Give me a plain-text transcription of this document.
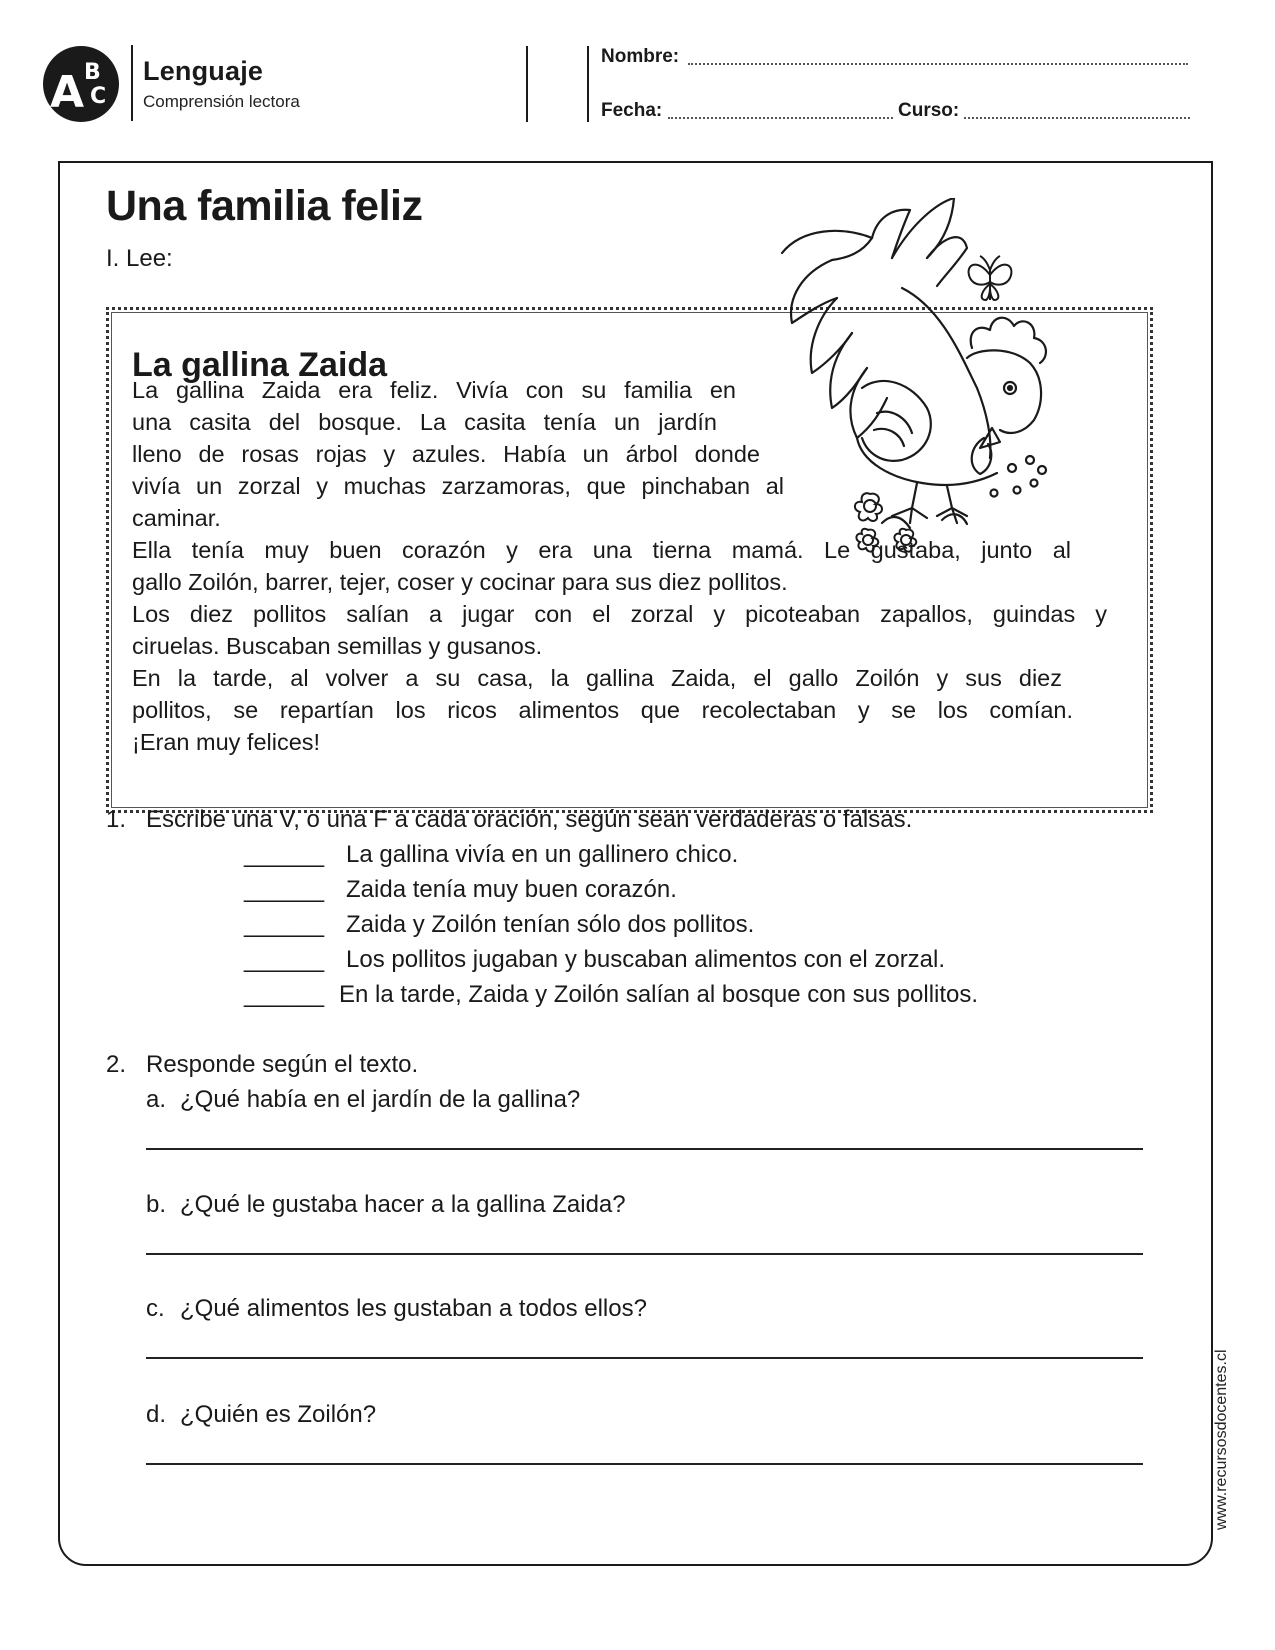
A B
C
Lenguaje
Comprensión lectora
Nombre:
Fecha:	Curso:
Una familia feliz
I. Lee:
La gallina Zaida
La gallina Zaida era feliz. Vivía con su familia en
una casita del bosque. La casita tenía un jardín
lleno de rosas rojas y azules. Había un árbol donde
vivía un zorzal y muchas zarzamoras, que pinchaban al
caminar.
Ella tenía muy buen corazón y era una tierna mamá. Le gustaba, junto al
gallo Zoilón, barrer, tejer, coser y cocinar para sus diez pollitos.
Los diez pollitos salían a jugar con el zorzal y picoteaban zapallos, guindas y
ciruelas. Buscaban semillas y gusanos.
En la tarde, al volver a su casa, la gallina Zaida, el gallo Zoilón y sus diez
pollitos, se repartían los ricos alimentos que recolectaban y se los comían.
¡Eran muy felices!
1. Escribe una V, o una F a cada oración, según sean verdaderas o falsas.
______ La gallina vivía en un gallinero chico.
______ Zaida tenía muy buen corazón.
______ Zaida y Zoilón tenían sólo dos pollitos.
______ Los pollitos jugaban y buscaban alimentos con el zorzal.
______ En la tarde, Zaida y Zoilón salían al bosque con sus pollitos.
2. Responde según el texto.
a. ¿Qué había en el jardín de la gallina?
b. ¿Qué le gustaba hacer a la gallina Zaida?
c. ¿Qué alimentos les gustaban a todos ellos?
d. ¿Quién es Zoilón?	www.recursosdocentes.cl
